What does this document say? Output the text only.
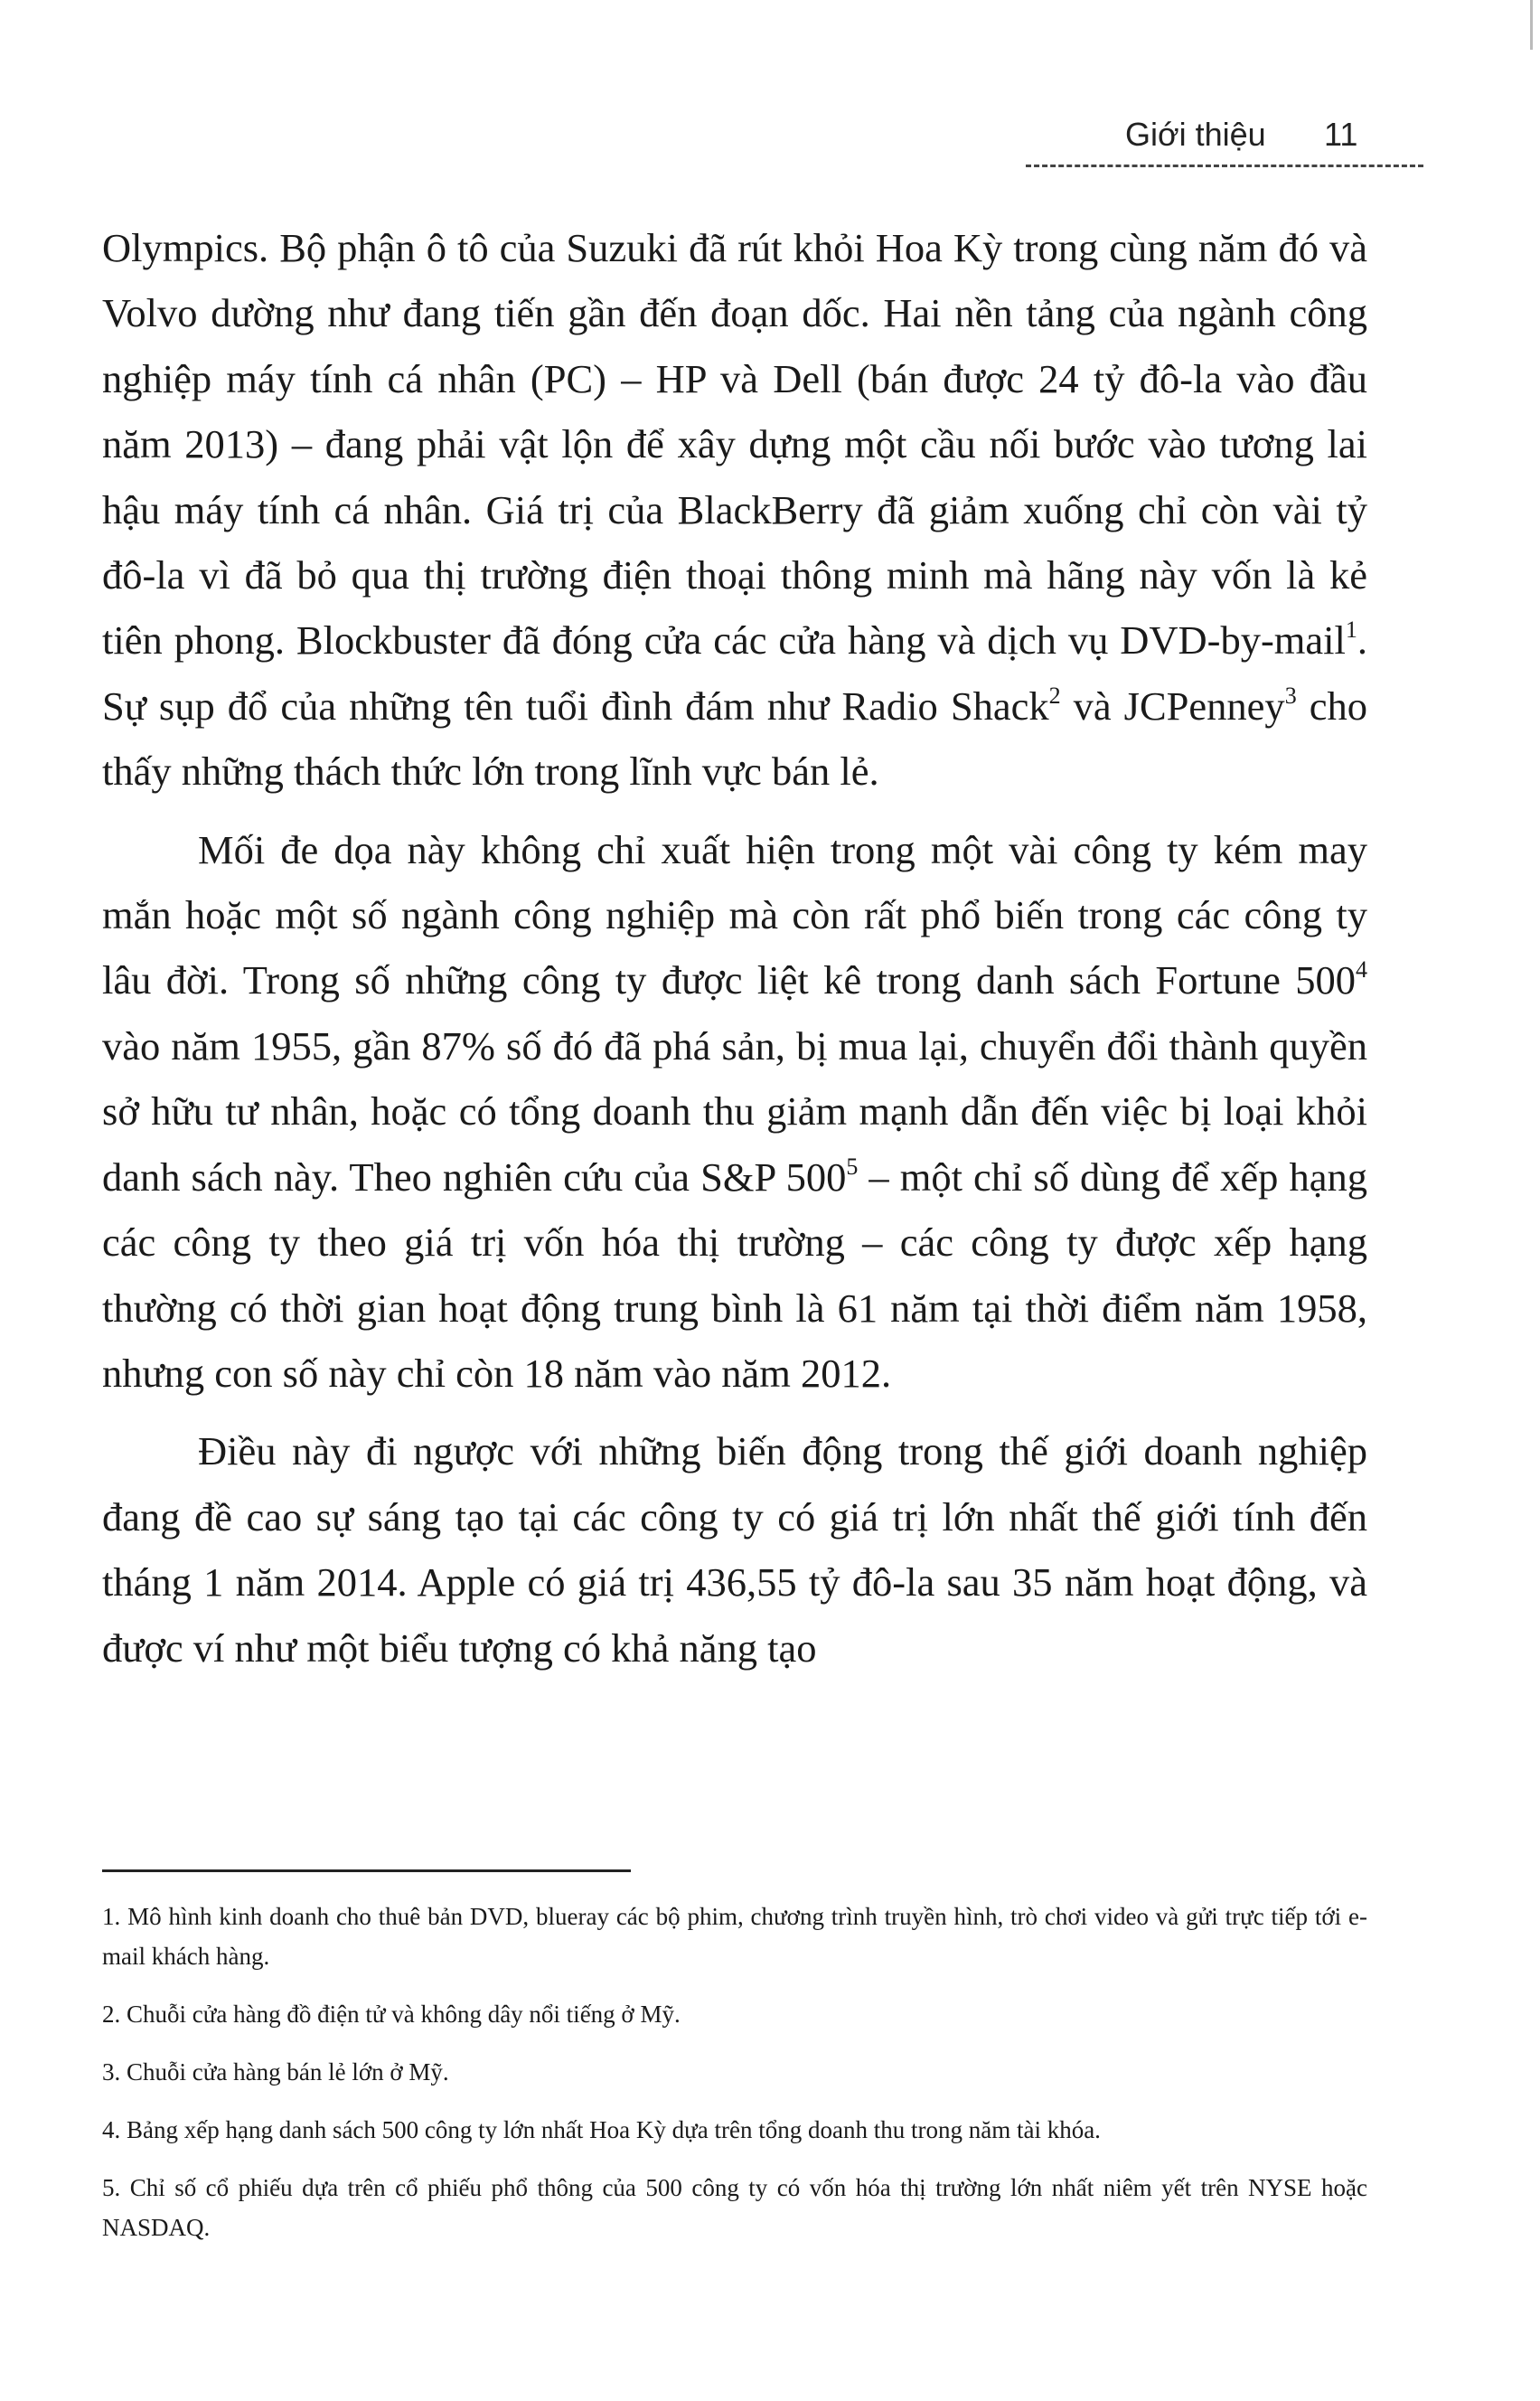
Giới thiệu 11

Olympics. Bộ phận ô tô của Suzuki đã rút khỏi Hoa Kỳ trong cùng năm đó và Volvo dường như đang tiến gần đến đoạn dốc. Hai nền tảng của ngành công nghiệp máy tính cá nhân (PC) – HP và Dell (bán được 24 tỷ đô-la vào đầu năm 2013) – đang phải vật lộn để xây dựng một cầu nối bước vào tương lai hậu máy tính cá nhân. Giá trị của BlackBerry đã giảm xuống chỉ còn vài tỷ đô-la vì đã bỏ qua thị trường điện thoại thông minh mà hãng này vốn là kẻ tiên phong. Blockbuster đã đóng cửa các cửa hàng và dịch vụ DVD-by-mail$^1$. Sự sụp đổ của những tên tuổi đình đám như Radio Shack$^2$ và JCPenney$^3$ cho thấy những thách thức lớn trong lĩnh vực bán lẻ.

Mối đe dọa này không chỉ xuất hiện trong một vài công ty kém may mắn hoặc một số ngành công nghiệp mà còn rất phổ biến trong các công ty lâu đời. Trong số những công ty được liệt kê trong danh sách Fortune $500^4$ vào năm 1955, gần 87% số đó đã phá sản, bị mua lại, chuyển đổi thành quyền sở hữu tư nhân, hoặc có tổng doanh thu giảm mạnh dẫn đến việc bị loại khỏi danh sách này. Theo nghiên cứu của S&P $500^5$ – một chỉ số dùng để xếp hạng các công ty theo giá trị vốn hóa thị trường – các công ty được xếp hạng thường có thời gian hoạt động trung bình là 61 năm tại thời điểm năm 1958, nhưng con số này chỉ còn 18 năm vào năm 2012.

Điều này đi ngược với những biến động trong thế giới doanh nghiệp đang đề cao sự sáng tạo tại các công ty có giá trị lớn nhất thế giới tính đến tháng 1 năm 2014. Apple có giá trị 436,55 tỷ đô-la sau 35 năm hoạt động, và được ví như một biểu tượng có khả năng tạo

1. Mô hình kinh doanh cho thuê bản DVD, blueray các bộ phim, chương trình truyền hình, trò chơi video và gửi trực tiếp tới e-mail khách hàng.

2. Chuỗi cửa hàng đồ điện tử và không dây nổi tiếng ở Mỹ.

3. Chuỗi cửa hàng bán lẻ lớn ở Mỹ.

4. Bảng xếp hạng danh sách 500 công ty lớn nhất Hoa Kỳ dựa trên tổng doanh thu trong năm tài khóa.

5. Chỉ số cổ phiếu dựa trên cổ phiếu phổ thông của 500 công ty có vốn hóa thị trường lớn nhất niêm yết trên NYSE hoặc NASDAQ.
